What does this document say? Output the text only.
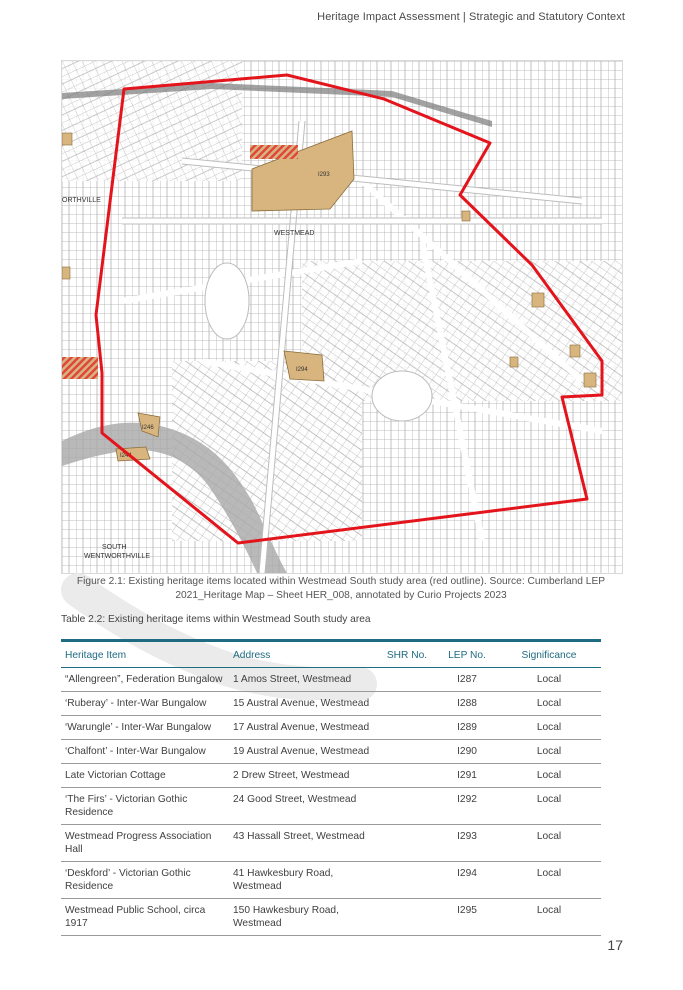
Heritage Impact Assessment | Strategic and Statutory Context
WESTMEAD
ORTHVILLE
SOUTH
WENTWORTHVILLE
I293
I294
I244
I246
Figure 2.1: Existing heritage items located within Westmead South study area (red outline). Source: Cumberland LEP
2021_Heritage Map – Sheet HER_008, annotated by Curio Projects 2023
Table 2.2: Existing heritage items within Westmead South study area
Heritage Item	Address	SHR No.	LEP No.	Significance
“Allengreen”, Federation Bungalow	1 Amos Street, Westmead		I287	Local
‘Ruberay’ - Inter-War Bungalow	15 Austral Avenue, Westmead		I288	Local
‘Warungle’ - Inter-War Bungalow	17 Austral Avenue, Westmead		I289	Local
‘Chalfont’ - Inter-War Bungalow	19 Austral Avenue, Westmead		I290	Local
Late Victorian Cottage	2 Drew Street, Westmead		I291	Local
‘The Firs’ - Victorian Gothic Residence	24 Good Street, Westmead		I292	Local
Westmead Progress Association Hall	43 Hassall Street, Westmead		I293	Local
‘Deskford’ - Victorian Gothic Residence	41 Hawkesbury Road, Westmead		I294	Local
Westmead Public School, circa 1917	150 Hawkesbury Road, Westmead		I295	Local
17
